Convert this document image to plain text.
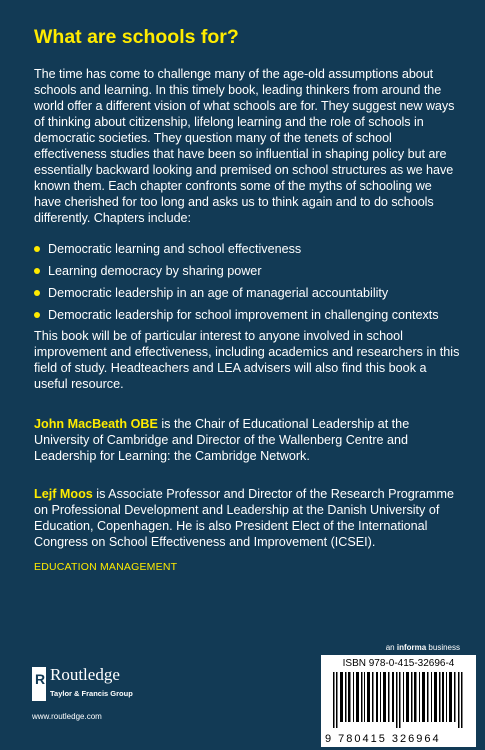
What are schools for?

The time has come to challenge many of the age-old assumptions about schools and learning. In this timely book, leading thinkers from around the world offer a different vision of what schools are for. They suggest new ways of thinking about citizenship, lifelong learning and the role of schools in democratic societies. They question many of the tenets of school effectiveness studies that have been so influential in shaping policy but are essentially backward looking and premised on school structures as we have known them. Each chapter confronts some of the myths of schooling we have cherished for too long and asks us to think again and to do schools differently. Chapters include:

Democratic learning and school effectiveness
Learning democracy by sharing power
Democratic leadership in an age of managerial accountability
Democratic leadership for school improvement in challenging contexts

This book will be of particular interest to anyone involved in school improvement and effectiveness, including academics and researchers in this field of study. Headteachers and LEA advisers will also find this book a useful resource.

John MacBeath OBE is the Chair of Educational Leadership at the University of Cambridge and Director of the Wallenberg Centre and Leadership for Learning: the Cambridge Network.

Lejf Moos is Associate Professor and Director of the Research Programme on Professional Development and Leadership at the Danish University of Education, Copenhagen. He is also President Elect of the International Congress on School Effectiveness and Improvement (ICSEI).

EDUCATION MANAGEMENT

an informa business
R Routledge
Taylor & Francis Group
www.routledge.com
ISBN 978-0-415-32696-4
9 780415 326964
